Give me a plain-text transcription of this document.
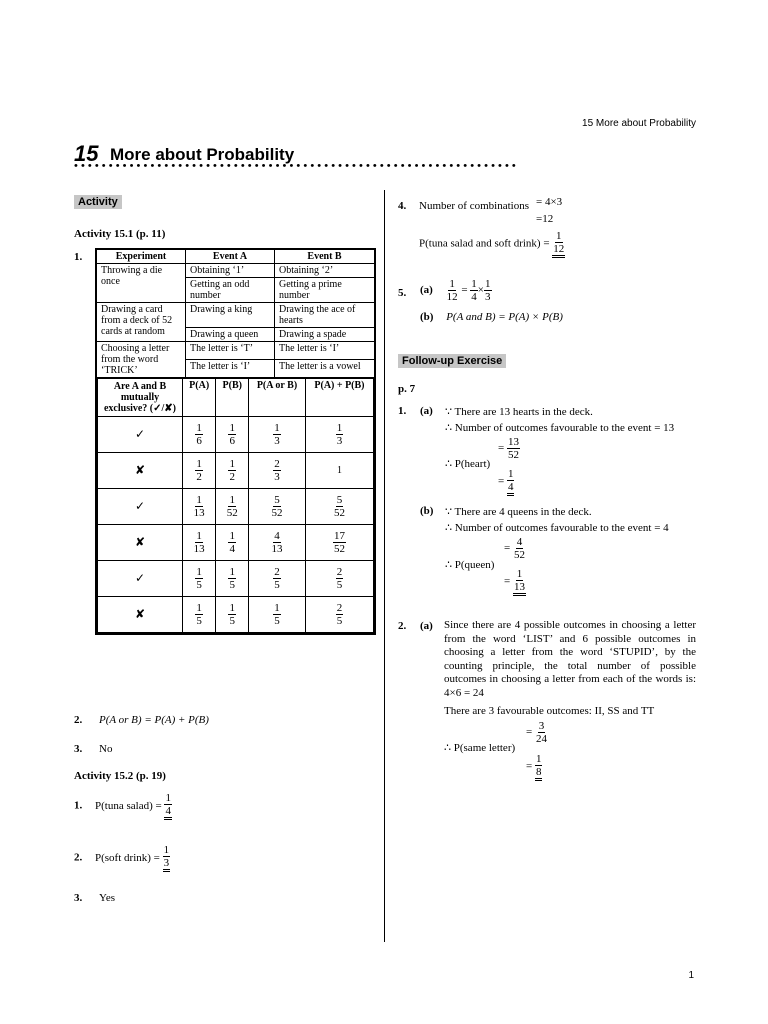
15 More about Probability
15 More about Probability
••••••••••••••••••••••••••••••••••••••••••••••••••••••••••••••••
Activity
Activity 15.1 (p. 11)
1.	Experiment	Event A	Event B
Throwing a die once	Obtaining ‘1’	Obtaining ‘2’
Getting an odd number	Getting a prime number
Drawing a card from a deck of 52 cards at random	Drawing a king	Drawing the ace of hearts
Drawing a queen	Drawing a spade
Choosing a letter from the word ‘TRICK’	The letter is ‘T’	The letter is ‘I’
The letter is ‘I’	The letter is a vowel

Are A and B mutually exclusive? (✓/✘)	P(A)	P(B)	P(A or B)	P(A) + P(B)
✓	$\frac{1}{6}$	$\frac{1}{6}$	$\frac{1}{3}$	$\frac{1}{3}$

✘	$\frac{1}{2}$	$\frac{1}{2}$	$\frac{2}{3}$	1
✓	$\frac{1}{13}$	$\frac{1}{52}$	$\frac{5}{52}$	$\frac{5}{52}$

✘	$\frac{1}{13}$	$\frac{1}{4}$	$\frac{4}{13}$	$\frac{17}{52}$

✓	$\frac{1}{5}$	$\frac{1}{5}$	$\frac{2}{5}$	$\frac{2}{5}$

✘	$\frac{1}{5}$	$\frac{1}{5}$	$\frac{1}{5}$	$\frac{2}{5}$
2. P(A or B) = P(A) + P(B)
3. No
Activity 15.2 (p. 19)
1. P(tuna salad) = $\frac{1}{4}$
2. P(soft drink) = $\frac{1}{3}$
3. Yes
4. Number of combinations = 4×3
=12
P(tuna salad and soft drink) = $\frac{1}{12}$
5. $(a) \frac{1}{12} = \frac{1}{4} \times \frac{1}{3}$
(b) P(A and B) = P(A) × P(B)
Follow-up Exercise
p. 7
1. (a) ∵ There are 13 hearts in the deck.
∴ Number of outcomes favourable to the event = 13
= $\frac{13}{52}$
∴ P(heart)
= $\frac{1}{4}$
(b) ∵ There are 4 queens in the deck.
∴ Number of outcomes favourable to the event = 4
= $\frac{4}{52}$
∴ P(queen)
= $\frac{1}{13}$
2. (a) Since there are 4 possible outcomes in choosing a letter from the word ‘LIST’ and 6 possible outcomes in choosing a letter from the word ‘STUPID’, by the counting principle, the total number of possible outcomes in choosing a letter from each of the words is: 4×6 = 24
There are 3 favourable outcomes: II, SS and TT
= $\frac{3}{24}$
∴ P(same letter)
= $\frac{1}{8}$
1
